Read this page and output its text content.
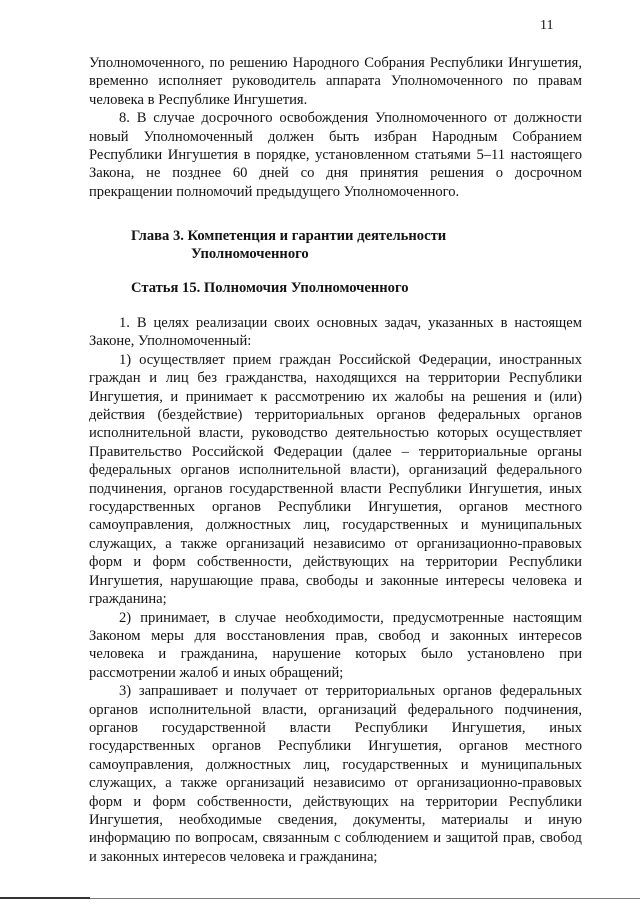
11

Уполномоченного, по решению Народного Собрания Республики Ингушетия, временно исполняет руководитель аппарата Уполномоченного по правам человека в Республике Ингушетия.

8. В случае досрочного освобождения Уполномоченного от должности новый Уполномоченный должен быть избран Народным Собранием Республики Ингушетия в порядке, установленном статьями 5–11 настоящего Закона, не позднее 60 дней со дня принятия решения о досрочном прекращении полномочий предыдущего Уполномоченного.

Глава 3. Компетенция и гарантии деятельности
Уполномоченного
Статья 15. Полномочия Уполномоченного

1. В целях реализации своих основных задач, указанных в настоящем Законе, Уполномоченный:

1) осуществляет прием граждан Российской Федерации, иностранных граждан и лиц без гражданства, находящихся на территории Республики Ингушетия, и принимает к рассмотрению их жалобы на решения и (или) действия (бездействие) территориальных органов федеральных органов исполнительной власти, руководство деятельностью которых осуществляет Правительство Российской Федерации (далее – территориальные органы федеральных органов исполнительной власти), организаций федерального подчинения, органов государственной власти Республики Ингушетия, иных государственных органов Республики Ингушетия, органов местного самоуправления, должностных лиц, государственных и муниципальных служащих, а также организаций независимо от организационно-правовых форм и форм собственности, действующих на территории Республики Ингушетия, нарушающие права, свободы и законные интересы человека и гражданина;

2) принимает, в случае необходимости, предусмотренные настоящим Законом меры для восстановления прав, свобод и законных интересов человека и гражданина, нарушение которых было установлено при рассмотрении жалоб и иных обращений;

3) запрашивает и получает от территориальных органов федеральных органов исполнительной власти, организаций федерального подчинения, органов государственной власти Республики Ингушетия, иных государственных органов Республики Ингушетия, органов местного самоуправления, должностных лиц, государственных и муниципальных служащих, а также организаций независимо от организационно-правовых форм и форм собственности, действующих на территории Республики Ингушетия, необходимые сведения, документы, материалы и иную информацию по вопросам, связанным с соблюдением и защитой прав, свобод и законных интересов человека и гражданина;
